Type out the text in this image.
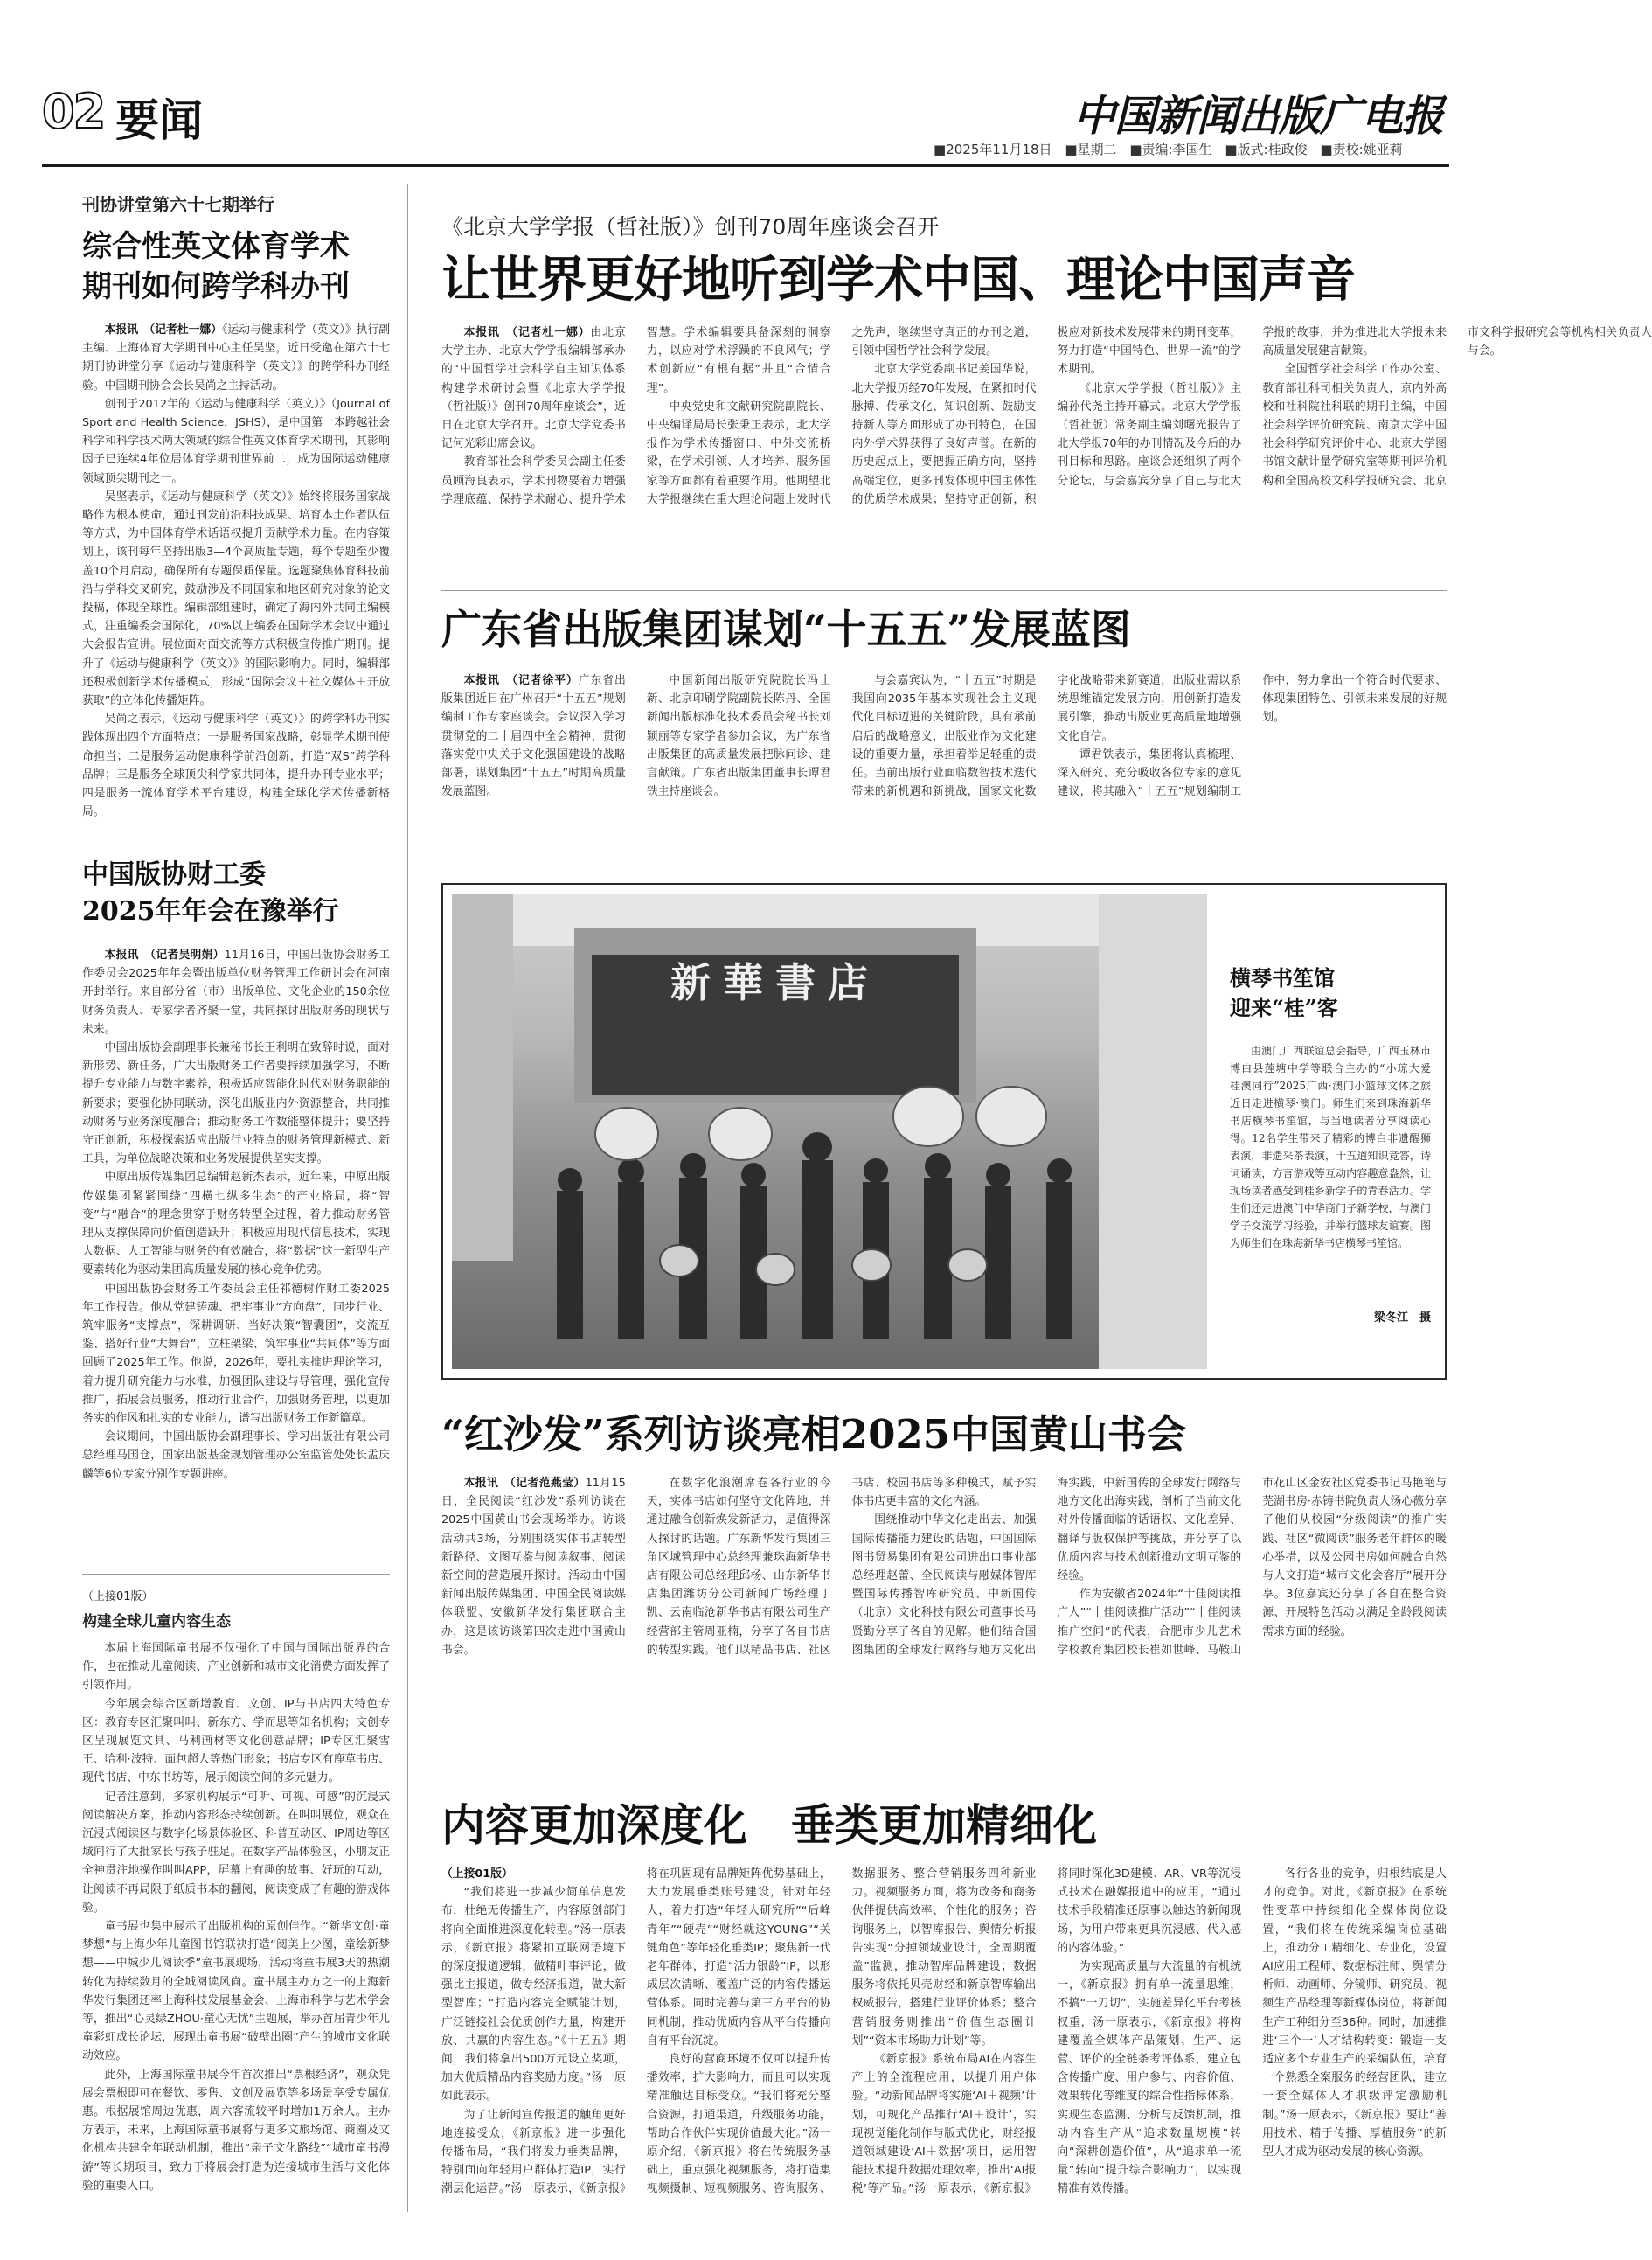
02 要闻	中国新闻出版广电报
■2025年11月18日 ■星期二 ■责编:李国生 ■版式:桂政俊 ■责校:姚亚莉
刊协讲堂第六十七期举行
综合性英文体育学术
期刊如何跨学科办刊

本报讯　（记者杜一娜）《运动与健康科学（英文）》执行副主编、上海体育大学期刊中心主任吴坚，近日受邀在第六十七期刊协讲堂分享《运动与健康科学（英文）》的跨学科办刊经验。中国期刊协会会长吴尚之主持活动。

创刊于2012年的《运动与健康科学（英文）》（Journal of Sport and Health Science，JSHS），是中国第一本跨越社会科学和科学技术两大领域的综合性英文体育学术期刊，其影响因子已连续4年位居体育学期刊世界前二，成为国际运动健康领域顶尖期刊之一。

吴坚表示，《运动与健康科学（英文）》始终将服务国家战略作为根本使命，通过刊发前沿科技成果、培育本土作者队伍等方式，为中国体育学术话语权提升贡献学术力量。在内容策划上，该刊每年坚持出版3—4个高质量专题，每个专题至少覆盖10个月启动，确保所有专题保质保量。选题聚焦体育科技前沿与学科交叉研究，鼓励涉及不同国家和地区研究对象的论文投稿，体现全球性。编辑部组建时，确定了海内外共同主编模式，注重编委会国际化，70%以上编委在国际学术会议中通过大会报告宣讲。展位面对面交流等方式积极宣传推广期刊。提升了《运动与健康科学（英文）》的国际影响力。同时，编辑部还积极创新学术传播模式，形成“国际会议＋社交媒体＋开放获取”的立体化传播矩阵。

吴尚之表示，《运动与健康科学（英文）》的跨学科办刊实践体现出四个方面特点：一是服务国家战略，彰显学术期刊使命担当；二是服务运动健康科学前沿创新，打造“双S”跨学科品牌；三是服务全球顶尖科学家共同体，提升办刊专业水平；四是服务一流体育学术平台建设，构建全球化学术传播新格局。

中国版协财工委
2025年年会在豫举行

本报讯　（记者吴明娟）11月16日，中国出版协会财务工作委员会2025年年会暨出版单位财务管理工作研讨会在河南开封举行。来自部分省（市）出版单位、文化企业的150余位财务负责人、专家学者齐聚一堂，共同探讨出版财务的现状与未来。

中国出版协会副理事长兼秘书长王利明在致辞时说，面对新形势、新任务，广大出版财务工作者要持续加强学习，不断提升专业能力与数字素养，积极适应智能化时代对财务职能的新要求；要强化协同联动，深化出版业内外资源整合，共同推动财务与业务深度融合；推动财务工作数能整体提升；要坚持守正创新，积极探索适应出版行业特点的财务管理新模式、新工具，为单位战略决策和业务发展提供坚实支撑。

中原出版传媒集团总编辑赵新杰表示，近年来，中原出版传媒集团紧紧围绕“四横七纵多生态”的产业格局，将“智变”与“融合”的理念贯穿于财务转型全过程，着力推动财务管理从支撑保障向价值创造跃升；积极应用现代信息技术，实现大数据、人工智能与财务的有效融合，将“数据”这一新型生产要素转化为驱动集团高质量发展的核心竞争优势。

中国出版协会财务工作委员会主任祁德树作财工委2025年工作报告。他从党建铸魂、把牢事业“方向盘”，同步行业、筑牢服务“支撑点”，深耕调研、当好决策“智囊团”，交流互鉴、搭好行业“大舞台”，立柱架梁、筑牢事业“共同体”等方面回顾了2025年工作。他说，2026年，要扎实推进理论学习，着力提升研究能力与水准，加强团队建设与导管理，强化宣传推广，拓展会员服务，推动行业合作，加强财务管理，以更加务实的作风和扎实的专业能力，谱写出版财务工作新篇章。

会议期间，中国出版协会副理事长、学习出版社有限公司总经理马国仓，国家出版基金规划管理办公室监管处处长孟庆麟等6位专家分别作专题讲座。

（上接01版）
构建全球儿童内容生态

本届上海国际童书展不仅强化了中国与国际出版界的合作，也在推动儿童阅读、产业创新和城市文化消费方面发挥了引领作用。

今年展会综合区新增教育、文创、IP与书店四大特色专区：教育专区汇聚叫叫、新东方、学而思等知名机构；文创专区呈现展览文具、马利画材等文化创意品牌；IP专区汇聚雪王、哈利·波特、面包超人等热门形象；书店专区有鹿草书店、现代书店、中东书坊等，展示阅读空间的多元魅力。

记者注意到，多家机构展示“可听、可视、可感”的沉浸式阅读解决方案，推动内容形态持续创新。在叫叫展位，观众在沉浸式阅读区与数字化场景体验区、科普互动区、IP周边等区域间行了大批家长与孩子驻足。在数字产品体验区，小朋友正全神贯注地操作叫叫APP，屏幕上有趣的故事、好玩的互动，让阅读不再局限于纸质书本的翻阅，阅读变成了有趣的游戏体验。

童书展也集中展示了出版机构的原创佳作。“新华文创·童梦想”与上海少年儿童图书馆联袂打造“阅美上少图，童绘新梦想——中城少儿阅读季”童书展现场，活动将童书展3天的热潮转化为持续数月的全城阅读风尚。童书展主办方之一的上海新华发行集团还率上海科技发展基金会、上海市科学与艺术学会等，推出“心灵绿ZHOU·童心无忧”主题展，举办首届青少年儿童彩虹成长论坛，展现出童书展“破壁出圈”产生的城市文化联动效应。

此外，上海国际童书展今年首次推出“票根经济”，观众凭展会票根即可在餐饮、零售、文创及展览等多场景享受专属优惠。根据展馆周边优惠，周六客流较平时增加1万余人。主办方表示，未来，上海国际童书展将与更多文旅场馆、商圈及文化机构共建全年联动机制，推出“亲子文化路线”“城市童书漫游”等长期项目，致力于将展会打造为连接城市生活与文化体验的重要入口。

《北京大学学报（哲社版）》创刊70周年座谈会召开
让世界更好地听到学术中国、理论中国声音

本报讯　（记者杜一娜）由北京大学主办、北京大学学报编辑部承办的“中国哲学社会科学自主知识体系构建学术研讨会暨《北京大学学报（哲社版）》创刊70周年座谈会”，近日在北京大学召开。北京大学党委书记何光彩出席会议。

教育部社会科学委员会副主任委员顾海良表示，学术刊物要着力增强学理底蕴、保持学术耐心、提升学术智慧。学术编辑要具备深刻的洞察力，以应对学术浮躁的不良风气；学术创新应“有根有据”并且“合情合理”。

中央党史和文献研究院副院长、中央编译局局长张秉正表示，北大学报作为学术传播窗口、中外交流桥梁，在学术引领、人才培养、服务国家等方面都有着重要作用。他期望北大学报继续在重大理论问题上发时代之先声，继续坚守真正的办刊之道，引领中国哲学社会科学发展。

北京大学党委副书记姜国华说，北大学报历经70年发展，在紧扣时代脉搏、传承文化、知识创新、鼓励支持新人等方面形成了办刊特色，在国内外学术界获得了良好声誉。在新的历史起点上，要把握正确方向，坚持高端定位，更多刊发体现中国主体性的优质学术成果；坚持守正创新，积极应对新技术发展带来的期刊变革，努力打造“中国特色、世界一流”的学术期刊。

《北京大学学报（哲社版）》主编孙代尧主持开幕式。北京大学学报（哲社版）常务副主编刘曙光报告了北大学报70年的办刊情况及今后的办刊目标和思路。座谈会还组织了两个分论坛，与会嘉宾分享了自己与北大学报的故事，并为推进北大学报未来高质量发展建言献策。

全国哲学社会科学工作办公室、教育部社科司相关负责人，京内外高校和社科院社科联的期刊主编，中国社会科学评价研究院、南京大学中国社会科学研究评价中心、北京大学图书馆文献计量学研究室等期刊评价机构和全国高校文科学报研究会、北京市文科学报研究会等机构相关负责人与会。

广东省出版集团谋划“十五五”发展蓝图

本报讯　（记者徐平）广东省出版集团近日在广州召开“十五五”规划编制工作专家座谈会。会议深入学习贯彻党的二十届四中全会精神，贯彻落实党中央关于文化强国建设的战略部署，谋划集团“十五五”时期高质量发展蓝图。

中国新闻出版研究院院长冯士新、北京印刷学院副院长陈丹、全国新闻出版标准化技术委员会秘书长刘颖丽等专家学者参加会议，为广东省出版集团的高质量发展把脉问诊、建言献策。广东省出版集团董事长谭君铁主持座谈会。

与会嘉宾认为，“十五五”时期是我国向2035年基本实现社会主义现代化目标迈进的关键阶段，具有承前启后的战略意义，出版业作为文化建设的重要力量，承担着举足轻重的责任。当前出版行业面临数智技术迭代带来的新机遇和新挑战，国家文化数字化战略带来新赛道，出版业需以系统思维锚定发展方向，用创新打造发展引擎，推动出版业更高质量地增强文化自信。

谭君铁表示，集团将认真梳理、深入研究、充分吸收各位专家的意见建议，将其融入“十五五”规划编制工作中，努力拿出一个符合时代要求、体现集团特色、引领未来发展的好规划。

新華書店	横琴书笙馆
迎来“桂”客

由澳门广西联谊总会指导，广西玉林市博白县莲塘中学等联合主办的“小琼大爱　桂澳同行”2025广西·澳门小篮球文体之旅近日走进横琴·澳门。师生们来到珠海新华书店横琴书笙馆，与当地读者分享阅读心得。12名学生带来了精彩的博白非遗醒狮表演，非遗采茶表演，十五道知识竞答，诗词诵读，方言游戏等互动内容趣意盎然，让现场读者感受到桂乡新学子的青春活力。学生们还走进澳门中华商门子新学校，与澳门学子交流学习经验，并举行篮球友谊赛。图为师生们在珠海新华书店横琴书笙馆。

梁冬江　摄
“红沙发”系列访谈亮相2025中国黄山书会

本报讯　（记者范燕莹）11月15日，全民阅读“红沙发”系列访谈在2025中国黄山书会现场举办。访谈活动共3场，分别围绕实体书店转型新路径、文图互鉴与阅读叙事、阅读新空间的营造展开探讨。活动由中国新闻出版传媒集团、中国全民阅读媒体联盟、安徽新华发行集团联合主办，这是该访谈第四次走进中国黄山书会。

在数字化浪潮席卷各行业的今天，实体书店如何坚守文化阵地，并通过融合创新焕发新活力，是值得深入探讨的话题。广东新华发行集团三角区域管理中心总经理兼珠海新华书店有限公司总经理邱杨、山东新华书店集团潍坊分公司新闻广场经理丁凯、云南临沧新华书店有限公司生产经营部主管周亚楠，分享了各自书店的转型实践。他们以精品书店、社区书店、校园书店等多种模式，赋予实体书店更丰富的文化内涵。

围绕推动中华文化走出去、加强国际传播能力建设的话题，中国国际图书贸易集团有限公司进出口事业部总经理赵蕾、全民阅读与融媒体智库暨国际传播智库研究员、中新国传（北京）文化科技有限公司董事长马贤勤分享了各自的见解。他们结合国图集团的全球发行网络与地方文化出海实践，中新国传的全球发行网络与地方文化出海实践，剖析了当前文化对外传播面临的话语权、文化差异、翻译与版权保护等挑战，并分享了以优质内容与技术创新推动文明互鉴的经验。

作为安徽省2024年“十佳阅读推广人”“十佳阅读推广活动”“十佳阅读推广空间”的代表，合肥市少儿艺术学校教育集团校长崔如世峰、马鞍山市花山区金安社区党委书记马艳艳与芜湖书房·赤铸书院负责人汤心薇分享了他们从校园“分级阅读”的推广实践、社区“微阅读”服务老年群体的暖心举措，以及公园书房如何融合自然与人文打造“城市文化会客厅”展开分享。3位嘉宾还分享了各自在整合资源、开展特色活动以满足全龄段阅读需求方面的经验。

内容更加深度化　垂类更加精细化
（上接01版）

“我们将进一步减少简单信息发布，杜绝无传播生产，内容原创部门将向全面推进深度化转型。”汤一原表示，《新京报》将紧扣互联网语境下的深度报道逻辑，做精叶事评论，做强比主报道，做专经济报道，做大新型智库；“打造内容完全赋能计划，广泛链接社会优质创作力量，构建开放、共赢的内容生态。”《十五五》期间，我们将拿出500万元设立奖项，加大优质精品内容奖励力度。”汤一原如此表示。

为了让新闻宣传报道的触角更好地连接受众，《新京报》进一步强化传播布局，“我们将发力垂类品牌，特别面向年轻用户群体打造IP，实行潮层化运营。”汤一原表示，《新京报》将在巩固现有品牌矩阵优势基础上，大力发展垂类账号建设，针对年轻人，着力打造“年轻人研究所”“后峰青年”“硬壳”“财经就这YOUNG”“关键角色”等年轻化垂类IP；聚焦新一代老年群体，打造“活力银龄”IP，以形成层次清晰、覆盖广泛的内容传播运营体系。同时完善与第三方平台的协同机制，推动优质内容从平台传播向自有平台沉淀。

良好的营商环境不仅可以提升传播效率，扩大影响力，而且可以实现精准触达目标受众。“我们将充分整合资源，打通渠道，升级服务功能，帮助合作伙伴实现价值最大化。”汤一原介绍，《新京报》将在传统服务基础上，重点强化视频服务，将打造集视频摄制、短视频服务、咨询服务、数据服务、整合营销服务四种新业力。视频服务方面，将为政务和商务伙伴提供高效率、个性化的服务；咨询服务上，以智库报告、舆情分析报告实现“分掉领域业设计，全周期覆盖”监测，推动智库品牌建设；数据服务将依托贝壳财经和新京智库输出权威报告，搭建行业评价体系；整合营销服务则推出“价值生态圈计划”“资本市场助力计划”等。

《新京报》系统布局AI在内容生产上的全流程应用，以提升用户体验。“动新闻品牌将实施‘AI＋视频’计划，可规化产品推行‘AI＋设计’，实现视觉能化制作与版式优化，财经报道领域建设‘AI＋数据’项目，运用智能技术提升数据处理效率，推出‘AI报税’等产品。”汤一原表示，《新京报》将同时深化3D建模、AR、VR等沉浸式技术在融媒报道中的应用，“通过技术手段精准还原事以触达的新闻现场，为用户带来更具沉浸感、代入感的内容体验。”

为实现高质量与大流量的有机统一，《新京报》拥有单一流量思维，不搞“一刀切”，实施差异化平台考核权重，汤一原表示，《新京报》将构建覆盖全媒体产品策划、生产、运营、评价的全链条考评体系，建立包含传播广度、用户参与、内容价值、效果转化等维度的综合性指标体系，实现生态监测、分析与反馈机制，推动内容生产从“追求数量规模”转向“深耕创造价值”，从“追求单一流量”转向“提升综合影响力”，以实现精准有效传播。

各行各业的竞争，归根结底是人才的竞争。对此，《新京报》在系统性变革中持续细化全媒体岗位设置，“我们将在传统采编岗位基础上，推动分工精细化、专业化，设置AI应用工程师、数据标注师、舆情分析师、动画师、分镜师、研究员、视频生产品经理等新媒体岗位，将新闻生产工种细分至36种。同时，加速推进‘三个一’人才结构转变：锻造一支适应多个专业生产的采编队伍，培育一个熟悉全案服务的经营团队，建立一套全媒体人才职级评定激励机制。”汤一原表示，《新京报》要让“善用技术、精于传播、厚植服务”的新型人才成为驱动发展的核心资源。
